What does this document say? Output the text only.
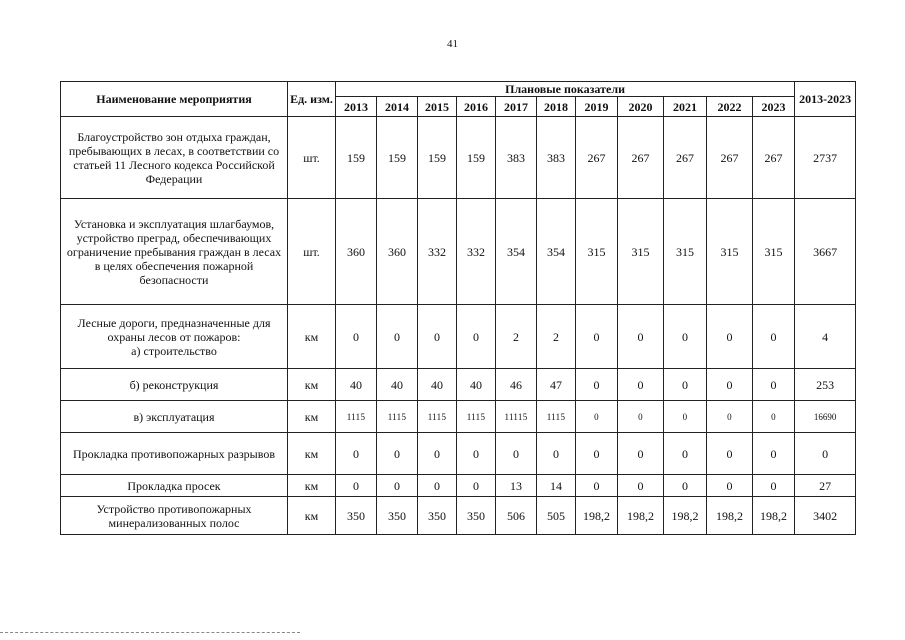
41
Наименование мероприятия	Ед. изм.	Плановые показатели											2013-2023
		2013	2014	2015	2016	2017	2018	2019	2020	2021	2022	2023	
Благоустройство зон отдыха граждан, пребывающих в лесах, в соответствии со статьей 11 Лесного кодекса Российской Федерации	шт.	159	159	159	159	383	383	267	267	267	267	267	2737
Установка и эксплуатация шлагбаумов, устройство преград, обеспечивающих ограничение пребывания граждан в лесах в целях обеспечения пожарной безопасности	шт.	360	360	332	332	354	354	315	315	315	315	315	3667
Лесные дороги, предназначенные для охраны лесов от пожаров:
а) строительство	км	0	0	0	0	2	2	0	0	0	0	0	4
б) реконструкция	км	40	40	40	40	46	47	0	0	0	0	0	253
в) эксплуатация	км	1115	1115	1115	1115	11115	1115	0	0	0	0	0	16690
Прокладка противопожарных разрывов	км	0	0	0	0	0	0	0	0	0	0	0	0
Прокладка просек	км	0	0	0	0	13	14	0	0	0	0	0	27
Устройство противопожарных минерализованных полос	км	350	350	350	350	506	505	198,2	198,2	198,2	198,2	198,2	3402
